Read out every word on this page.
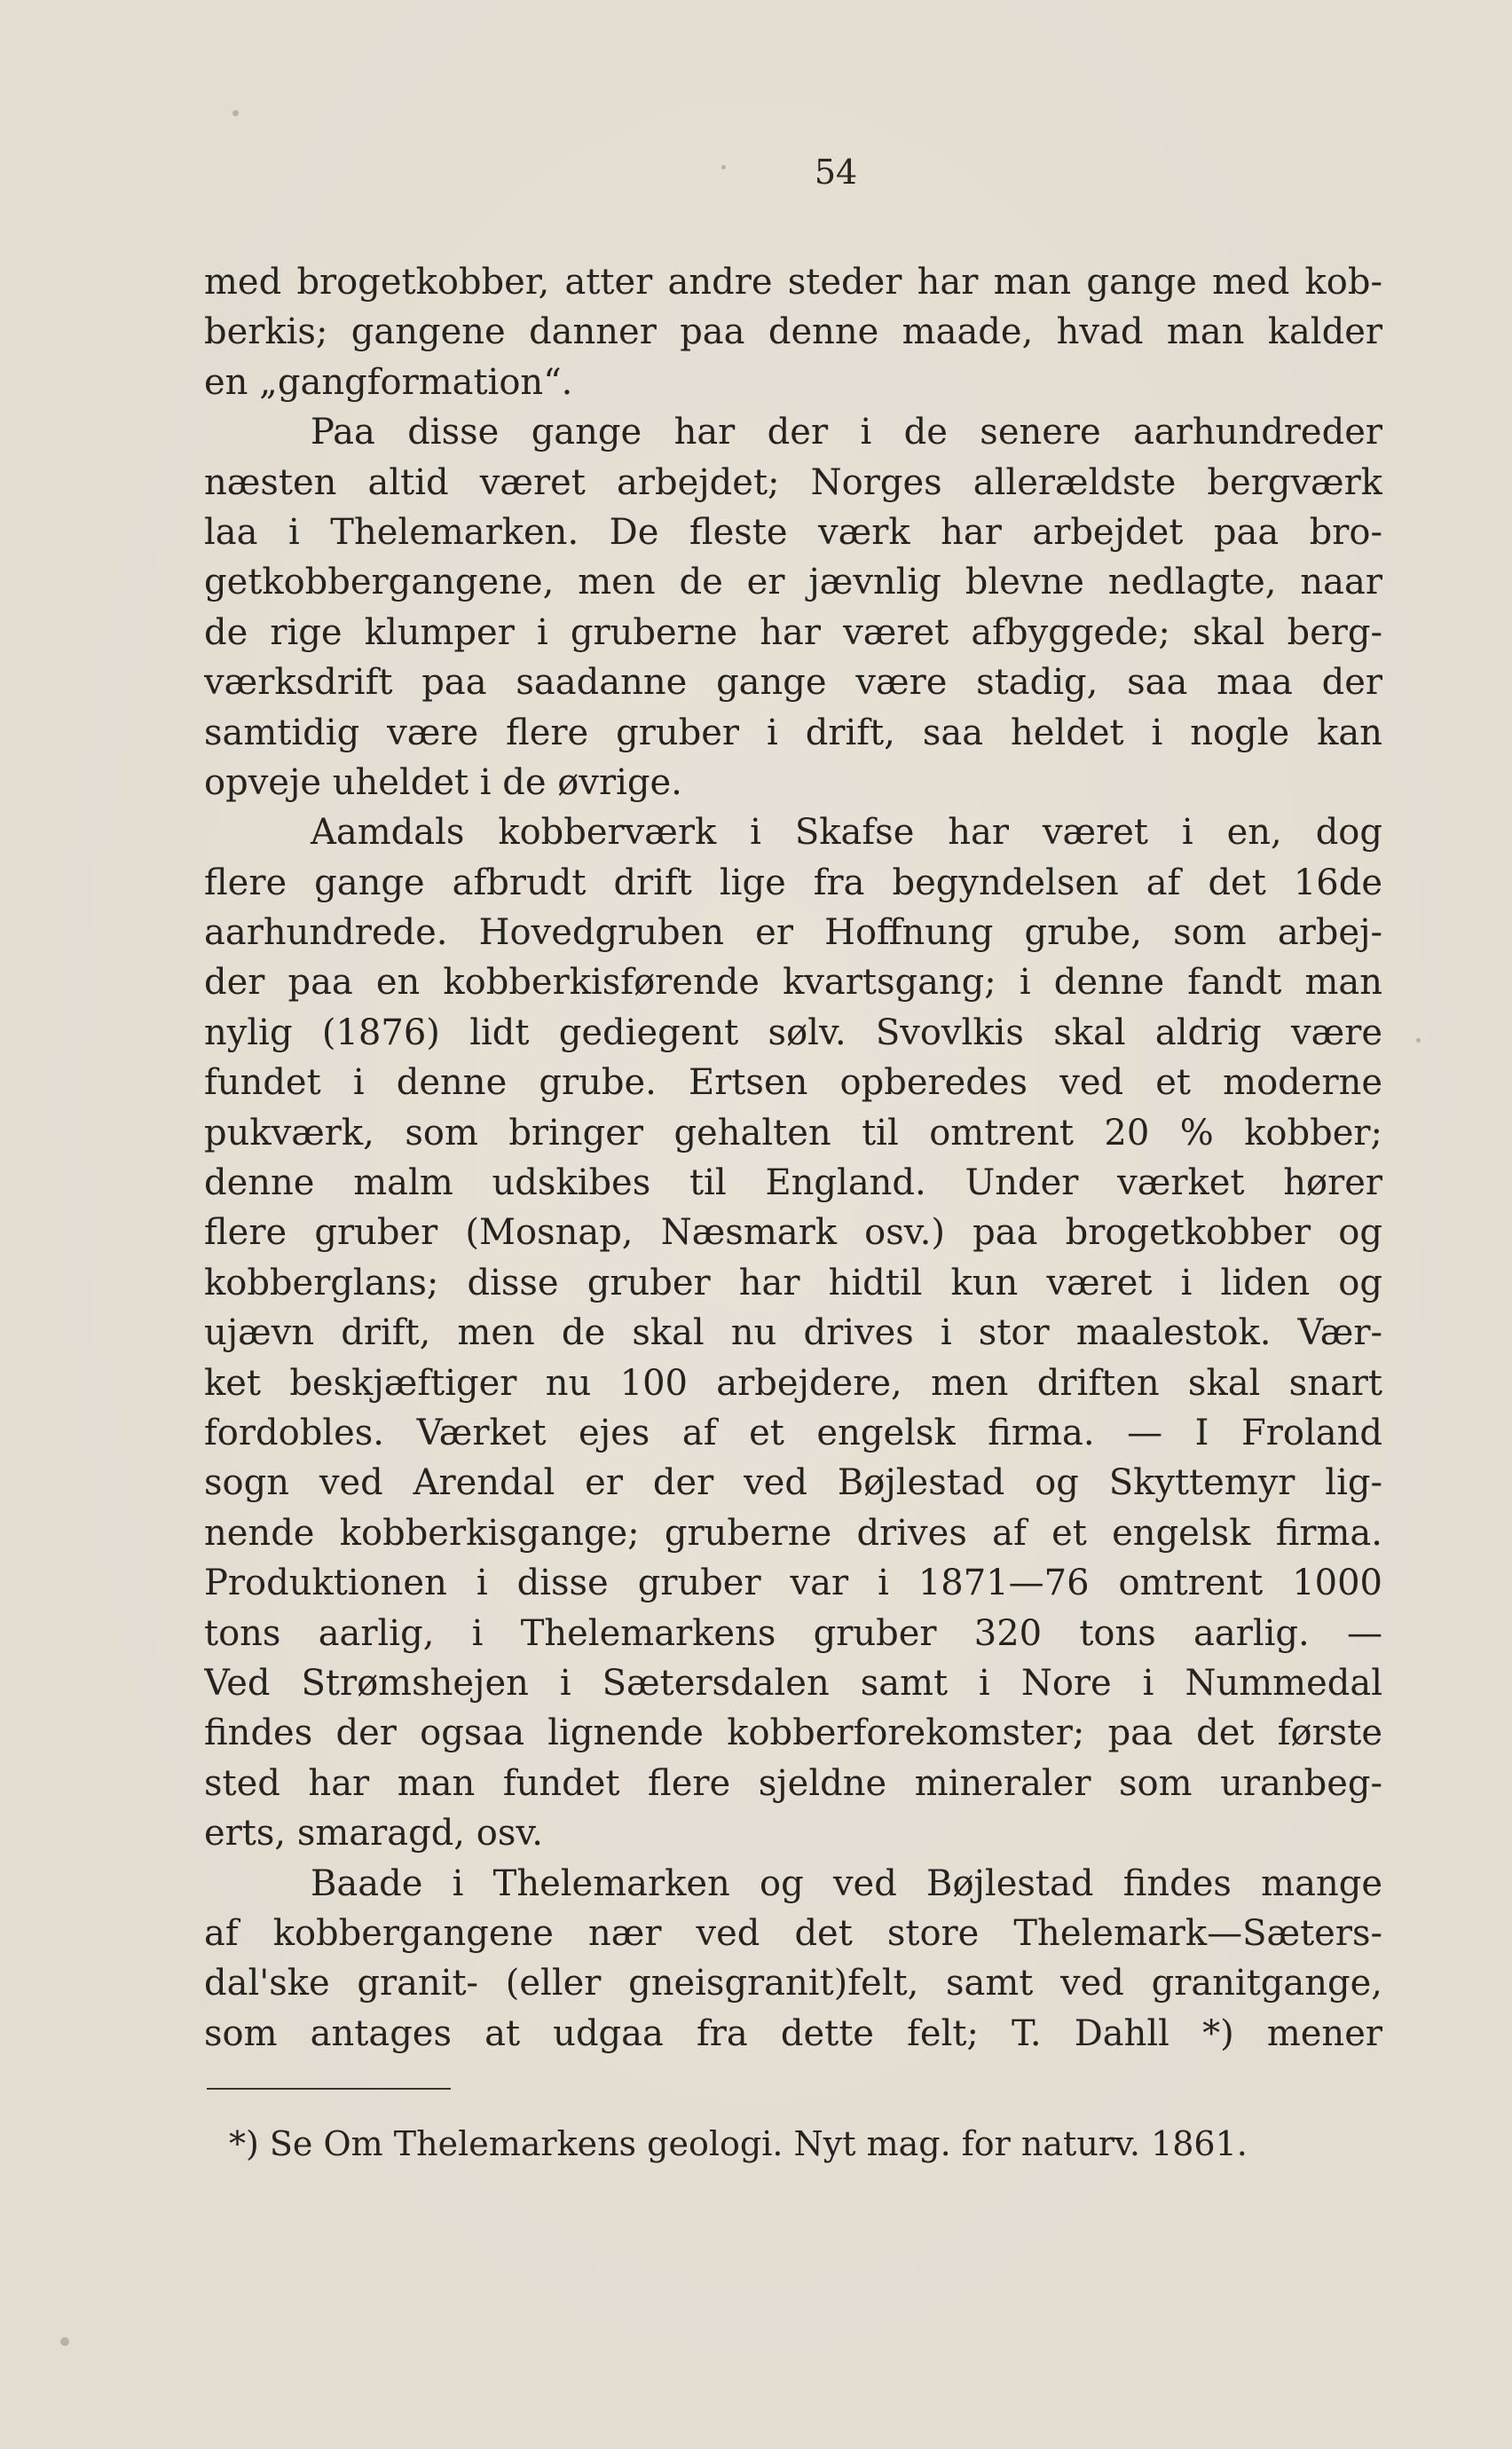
54
med brogetkobber, atter andre steder har man gange med kob-
berkis; gangene danner paa denne maade, hvad man kalder
en „gangformation“.
Paa disse gange har der i de senere aarhundreder
næsten altid været arbejdet; Norges allerældste bergværk
laa i Thelemarken. De fleste værk har arbejdet paa bro-
getkobbergangene, men de er jævnlig blevne nedlagte, naar
de rige klumper i gruberne har været afbyggede; skal berg-
værksdrift paa saadanne gange være stadig, saa maa der
samtidig være flere gruber i drift, saa heldet i nogle kan
opveje uheldet i de øvrige.
Aamdals kobberværk i Skafse har været i en, dog
flere gange afbrudt drift lige fra begyndelsen af det 16de
aarhundrede. Hovedgruben er Hoffnung grube, som arbej-
der paa en kobberkisførende kvartsgang; i denne fandt man
nylig (1876) lidt gediegent sølv. Svovlkis skal aldrig være
fundet i denne grube. Ertsen opberedes ved et moderne
pukværk, som bringer gehalten til omtrent 20 % kobber;
denne malm udskibes til England. Under værket hører
flere gruber (Mosnap, Næsmark osv.) paa brogetkobber og
kobberglans; disse gruber har hidtil kun været i liden og
ujævn drift, men de skal nu drives i stor maalestok. Vær-
ket beskjæftiger nu 100 arbejdere, men driften skal snart
fordobles. Værket ejes af et engelsk firma. — I Froland
sogn ved Arendal er der ved Bøjlestad og Skyttemyr lig-
nende kobberkisgange; gruberne drives af et engelsk firma.
Produktionen i disse gruber var i 1871—76 omtrent 1000
tons aarlig, i Thelemarkens gruber 320 tons aarlig. —
Ved Strømshejen i Sætersdalen samt i Nore i Nummedal
findes der ogsaa lignende kobberforekomster; paa det første
sted har man fundet flere sjeldne mineraler som uranbeg-
erts, smaragd, osv.
Baade i Thelemarken og ved Bøjlestad findes mange
af kobbergangene nær ved det store Thelemark—Sæters-
dal'ske granit- (eller gneisgranit)felt, samt ved granitgange,
som antages at udgaa fra dette felt; T. Dahll *) mener
*) Se Om Thelemarkens geologi. Nyt mag. for naturv. 1861.
